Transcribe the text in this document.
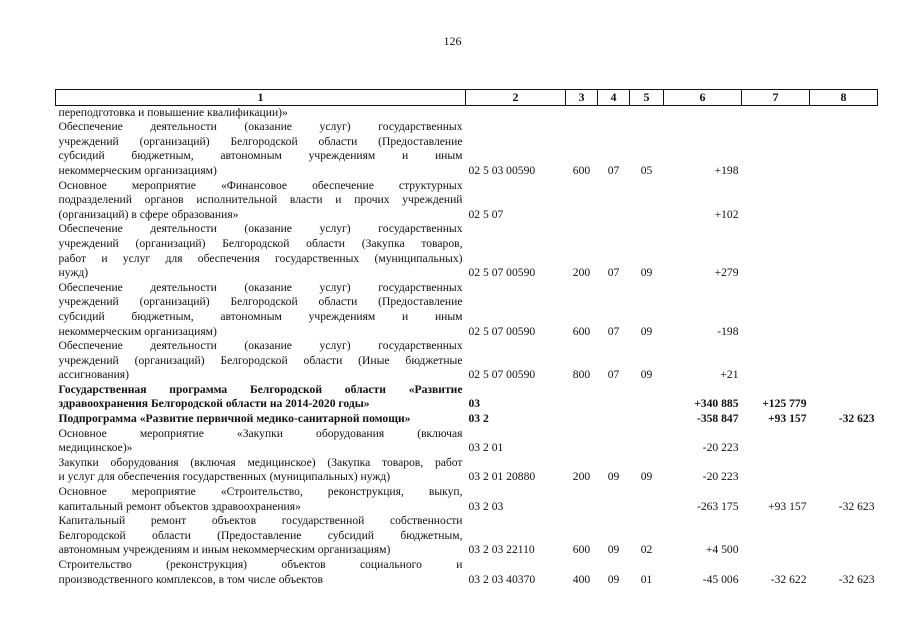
126
1	2	3	4	5	6	7	8

переподготовка и повышение квалификации)»							

Обеспечение деятельности (оказание услуг) государственных
учреждений (организаций) Белгородской области (Предоставление
субсидий бюджетным, автономным учреждениям и иным
некоммерческим организациям)	02 5 03 00590	600	07	05	+198		

Основное мероприятие «Финансовое обеспечение структурных
подразделений органов исполнительной власти и прочих учреждений
(организаций) в сфере образования»	02 5 07				+102		

Обеспечение деятельности (оказание услуг) государственных
учреждений (организаций) Белгородской области (Закупка товаров,
работ и услуг для обеспечения государственных (муниципальных)
нужд)	02 5 07 00590	200	07	09	+279		

Обеспечение деятельности (оказание услуг) государственных
учреждений (организаций) Белгородской области (Предоставление
субсидий бюджетным, автономным учреждениям и иным
некоммерческим организациям)	02 5 07 00590	600	07	09	-198		

Обеспечение деятельности (оказание услуг) государственных
учреждений (организаций) Белгородской области (Иные бюджетные
ассигнования)	02 5 07 00590	800	07	09	+21		

Государственная программа Белгородской области «Развитие
здравоохранения Белгородской области на 2014-2020 годы»	03				+340 885	+125 779	

Подпрограмма «Развитие первичной медико-санитарной помощи»	03 2				-358 847	+93 157	-32 623

Основное мероприятие «Закупки оборудования (включая
медицинское)»	03 2 01				-20 223		

Закупки оборудования (включая медицинское) (Закупка товаров, работ
и услуг для обеспечения государственных (муниципальных) нужд)	03 2 01 20880	200	09	09	-20 223		

Основное мероприятие «Строительство, реконструкция, выкуп,
капитальный ремонт объектов здравоохранения»	03 2 03				-263 175	+93 157	-32 623

Капитальный ремонт объектов государственной собственности
Белгородской области (Предоставление субсидий бюджетным,
автономным учреждениям и иным некоммерческим организациям)	03 2 03 22110	600	09	02	+4 500		

Строительство (реконструкция) объектов социального и
производственного комплексов, в том числе объектов	03 2 03 40370	400	09	01	-45 006	-32 622	-32 623
